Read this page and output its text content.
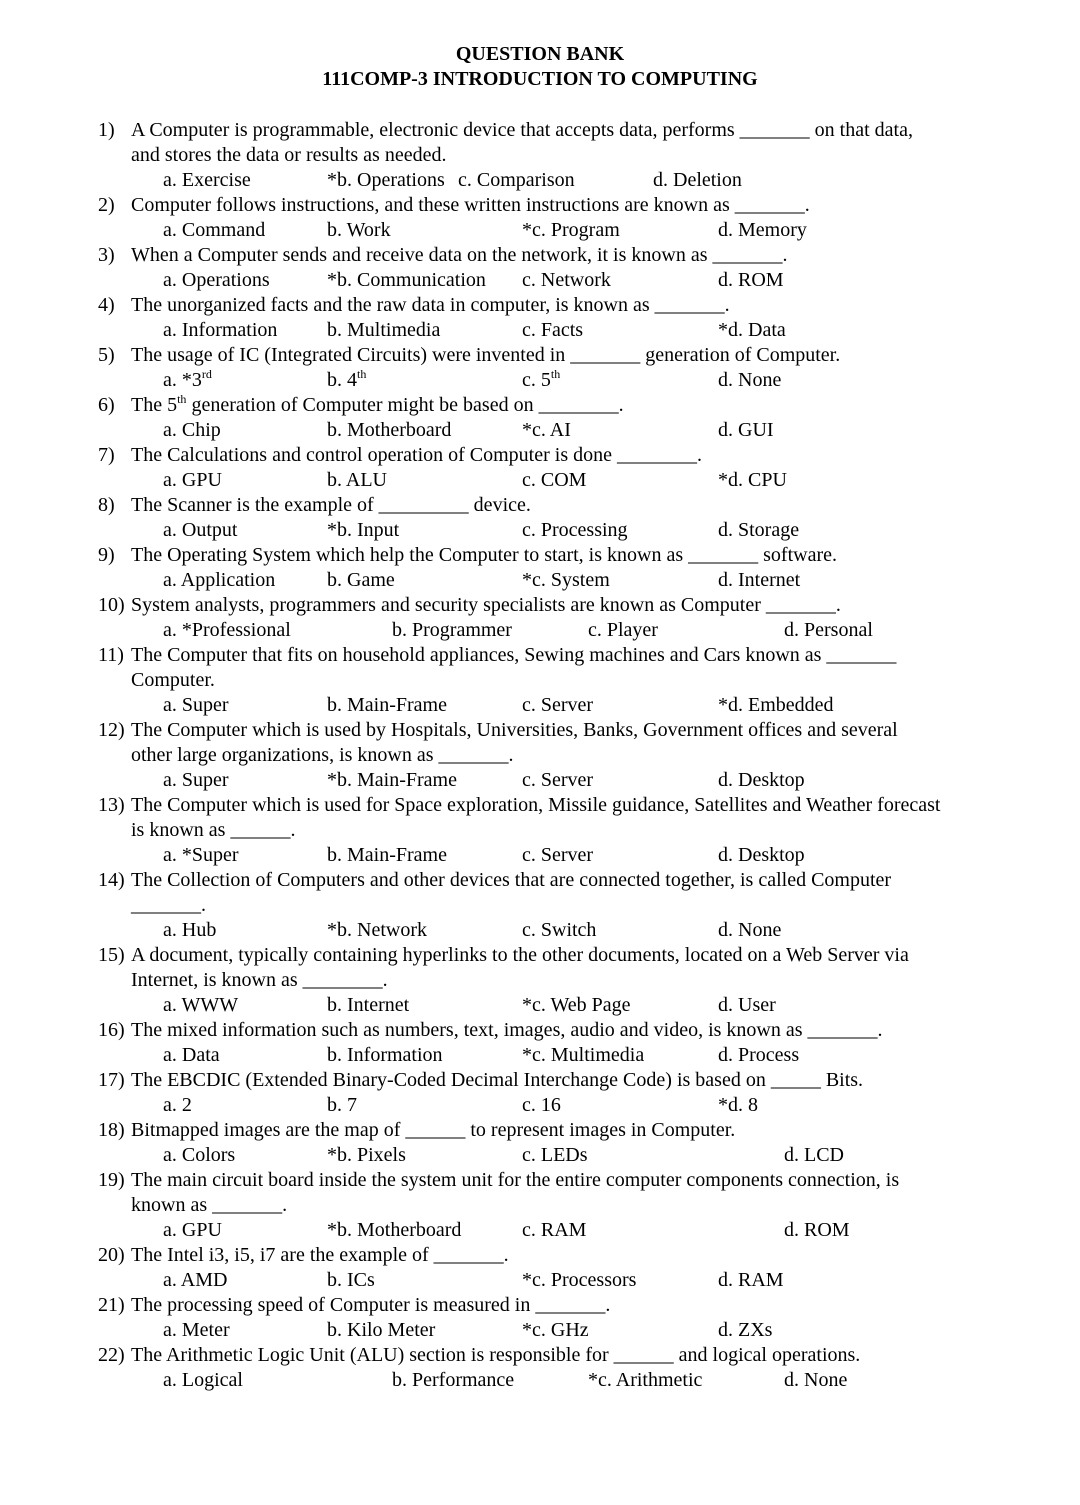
QUESTION BANK
111COMP-3 INTRODUCTION TO COMPUTING
1) A Computer is programmable, electronic device that accepts data, performs _______ on that data,
and stores the data or results as needed.
a. Exercise	*b. Operations c. Comparison	d. Deletion
2) Computer follows instructions, and these written instructions are known as _______.
a. Command	b. Work	*c. Program	d. Memory
3) When a Computer sends and receive data on the network, it is known as _______.
a. Operations	*b. Communication c. Network	d. ROM
4) The unorganized facts and the raw data in computer, is known as _______.
a. Information b. Multimedia	c. Facts	*d. Data
5) The usage of IC (Integrated Circuits) were invented in _______ generation of Computer.
a. *3rd	b. 4th	c. 5th	d. None
6) The 5th generation of Computer might be based on ________.
a. Chip	b. Motherboard	*c. AI	d. GUI
7) The Calculations and control operation of Computer is done ________.
a. GPU	b. ALU	c. COM	*d. CPU
8) The Scanner is the example of _________ device.
a. Output	*b. Input	c. Processing	d. Storage
9) The Operating System which help the Computer to start, is known as _______ software.
a. Application	b. Game	*c. System	d. Internet
10) System analysts, programmers and security specialists are known as Computer _______.
a. *Professional	b. Programmer	c. Player	d. Personal
11) The Computer that fits on household appliances, Sewing machines and Cars known as _______
Computer.
a. Super	b. Main-Frame	c. Server	*d. Embedded
12) The Computer which is used by Hospitals, Universities, Banks, Government offices and several
other large organizations, is known as _______.
a. Super	*b. Main-Frame	c. Server	d. Desktop
13) The Computer which is used for Space exploration, Missile guidance, Satellites and Weather forecast
is known as ______.
a. *Super	b. Main-Frame	c. Server	d. Desktop
14) The Collection of Computers and other devices that are connected together, is called Computer
_______.
a. Hub	*b. Network	c. Switch	d. None
15) A document, typically containing hyperlinks to the other documents, located on a Web Server via
Internet, is known as ________.
a. WWW	b. Internet	*c. Web Page	d. User
16) The mixed information such as numbers, text, images, audio and video, is known as _______.
a. Data	b. Information	*c. Multimedia	d. Process
17) The EBCDIC (Extended Binary-Coded Decimal Interchange Code) is based on _____ Bits.
a. 2	b. 7	c. 16	*d. 8
18) Bitmapped images are the map of ______ to represent images in Computer.
a. Colors	*b. Pixels	c. LEDs	d. LCD
19) The main circuit board inside the system unit for the entire computer components connection, is
known as _______.
a. GPU	*b. Motherboard	c. RAM	d. ROM
20) The Intel i3, i5, i7 are the example of _______.
a. AMD	b. ICs	*c. Processors	d. RAM
21) The processing speed of Computer is measured in _______.
a. Meter	b. Kilo Meter	*c. GHz	d. ZXs
22) The Arithmetic Logic Unit (ALU) section is responsible for ______ and logical operations.
a. Logical	b. Performance	*c. Arithmetic	d. None
